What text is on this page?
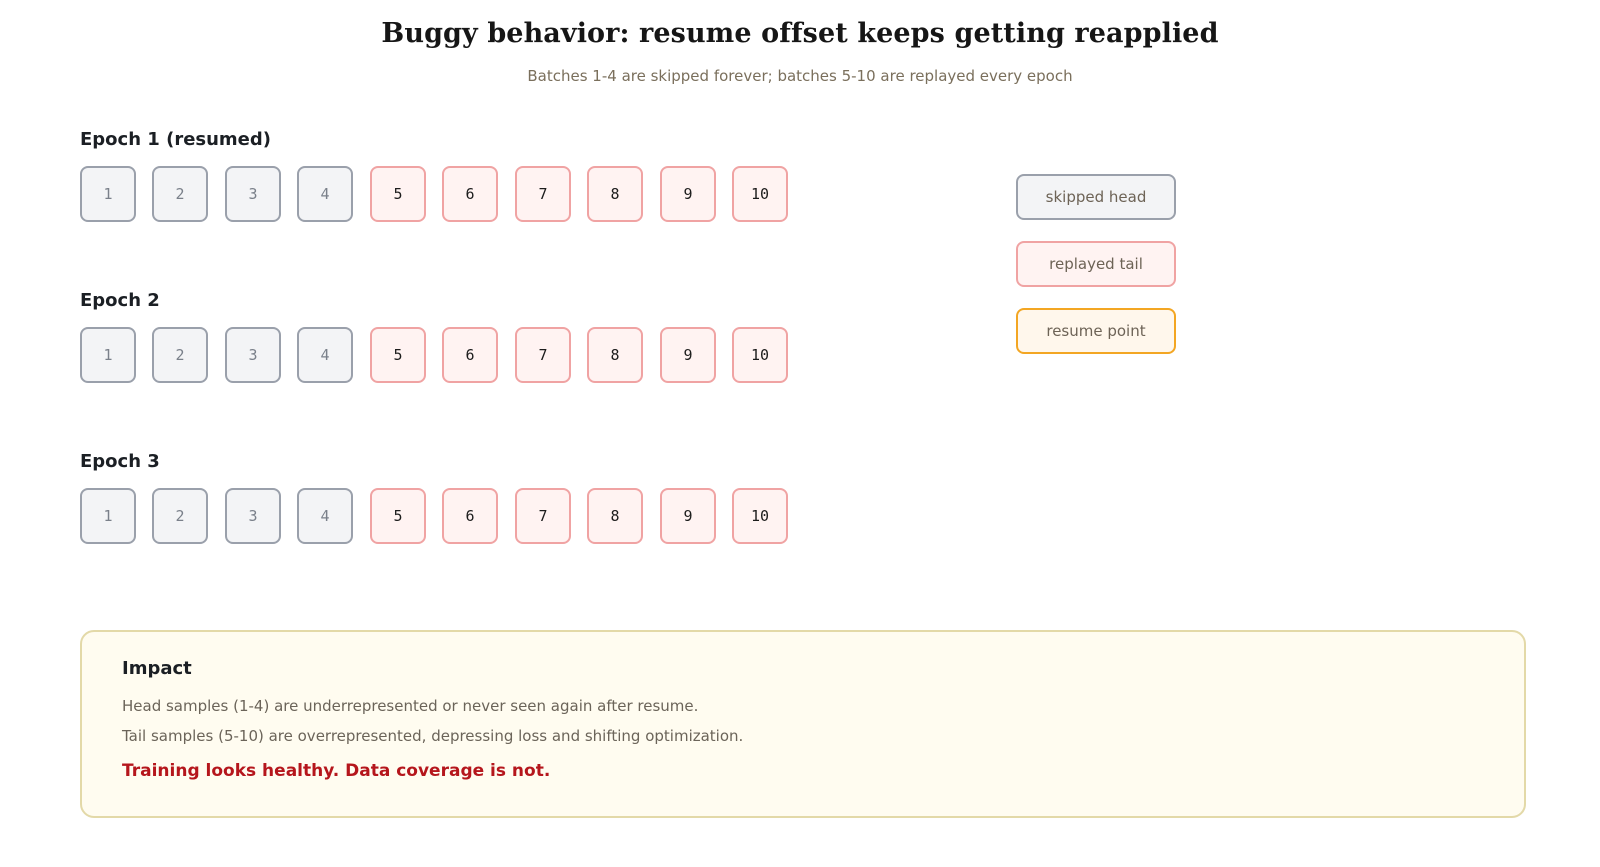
Buggy behavior: resume offset keeps getting reapplied
Batches 1-4 are skipped forever; batches 5-10 are replayed every epoch
Epoch 1 (resumed)
1	2	3	4	5	6	7	8	9	10
Epoch 2
1	2	3	4	5	6	7	8	9	10
Epoch 3
1	2	3	4	5	6	7	8	9	10
skipped head
replayed tail
resume point
Impact
Head samples (1-4) are underrepresented or never seen again after resume.
Tail samples (5-10) are overrepresented, depressing loss and shifting optimization.
Training looks healthy. Data coverage is not.
